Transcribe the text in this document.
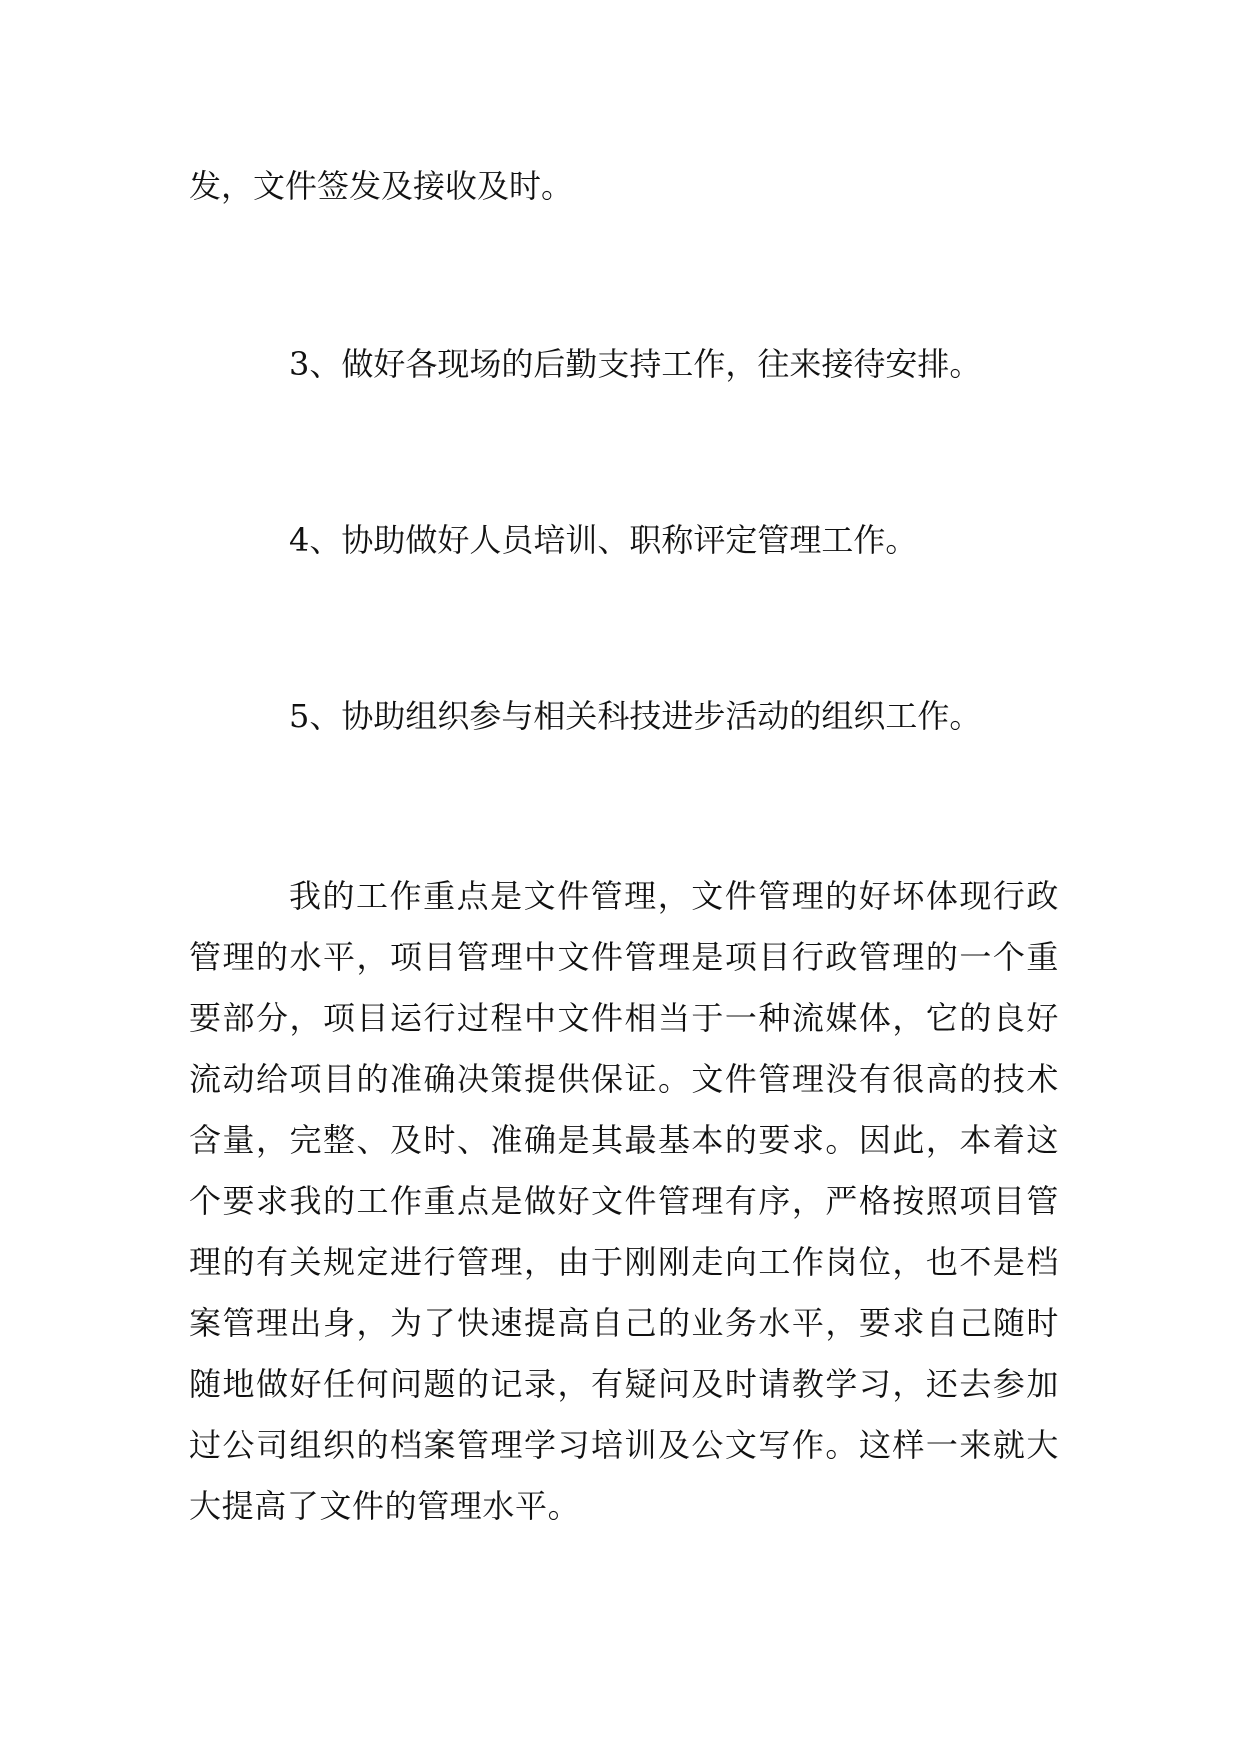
发，文件签发及接收及时。
3、做好各现场的后勤支持工作，往来接待安排。
4、协助做好人员培训、职称评定管理工作。
5、协助组织参与相关科技进步活动的组织工作。
我的工作重点是文件管理，文件管理的好坏体现行政管理的水平，项目管理中文件管理是项目行政管理的一个重要部分，项目运行过程中文件相当于一种流媒体，它的良好流动给项目的准确决策提供保证。文件管理没有很高的技术含量，完整、及时、准确是其最基本的要求。因此，本着这个要求我的工作重点是做好文件管理有序，严格按照项目管理的有关规定进行管理，由于刚刚走向工作岗位，也不是档案管理出身，为了快速提高自己的业务水平，要求自己随时随地做好任何问题的记录，有疑问及时请教学习，还去参加过公司组织的档案管理学习培训及公文写作。这样一来就大大提高了文件的管理水平。
